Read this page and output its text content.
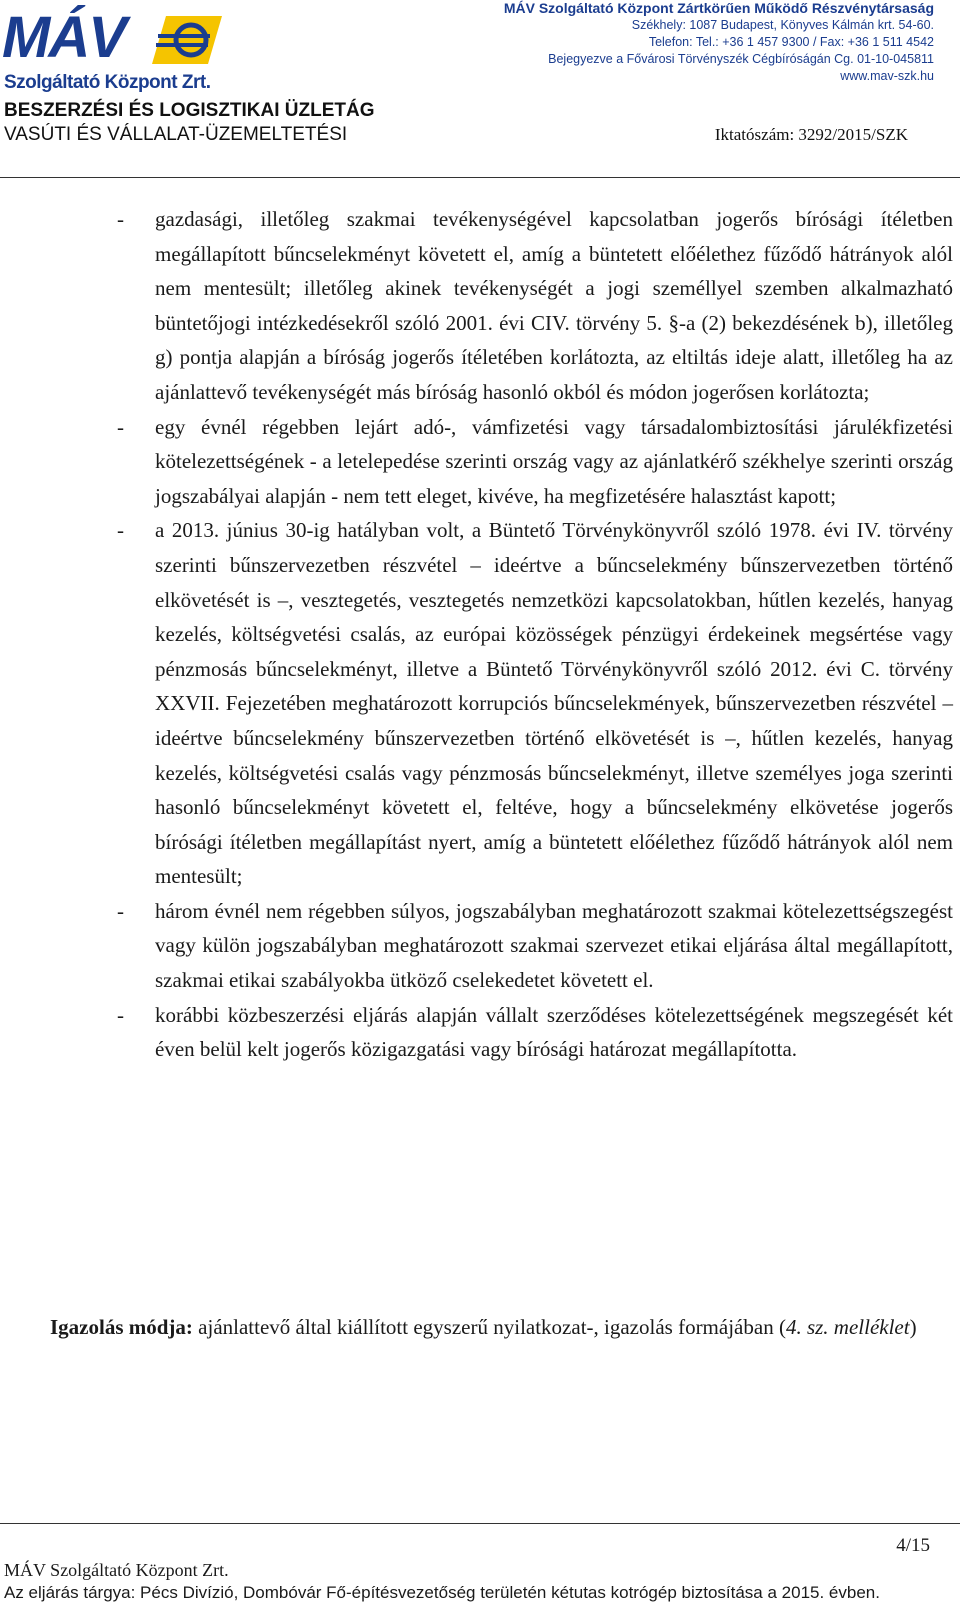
MÁV
Szolgáltató Központ Zrt.
BESZERZÉSI ÉS LOGISZTIKAI ÜZLETÁG
VASÚTI ÉS VÁLLALAT-ÜZEMELTETÉSI
MÁV Szolgáltató Központ Zártkörűen Működő Részvénytársaság
Székhely: 1087 Budapest, Könyves Kálmán krt. 54-60.
Telefon: Tel.: +36 1 457 9300 / Fax: +36 1 511 4542
Bejegyezve a Fővárosi Törvényszék Cégbíróságán Cg. 01-10-045811
www.mav-szk.hu
Iktatószám: 3292/2015/SZK
- gazdasági, illetőleg szakmai tevékenységével kapcsolatban jogerős bírósági ítéletben megállapított bűncselekményt követett el, amíg a büntetett előélethez fűződő hátrányok alól nem mentesült; illetőleg akinek tevékenységét a jogi személlyel szemben alkalmazható büntetőjogi intézkedésekről szóló 2001. évi CIV. törvény 5. §-a (2) bekezdésének b), illetőleg g) pontja alapján a bíróság jogerős ítéletében korlátozta, az eltiltás ideje alatt, illetőleg ha az ajánlattevő tevékenységét más bíróság hasonló okból és módon jogerősen korlátozta;
- egy évnél régebben lejárt adó-, vámfizetési vagy társadalombiztosítási járulékfizetési kötelezettségének - a letelepedése szerinti ország vagy az ajánlatkérő székhelye szerinti ország jogszabályai alapján - nem tett eleget, kivéve, ha megfizetésére halasztást kapott;
- a 2013. június 30-ig hatályban volt, a Büntető Törvénykönyvről szóló 1978. évi IV. törvény szerinti bűnszervezetben részvétel – ideértve a bűncselekmény bűnszervezetben történő elkövetését is –, vesztegetés, vesztegetés nemzetközi kapcsolatokban, hűtlen kezelés, hanyag kezelés, költségvetési csalás, az európai közösségek pénzügyi érdekeinek megsértése vagy pénzmosás bűncselekményt, illetve a Büntető Törvénykönyvről szóló 2012. évi C. törvény XXVII. Fejezetében meghatározott korrupciós bűncselekmények, bűnszervezetben részvétel – ideértve bűncselekmény bűnszervezetben történő elkövetését is –, hűtlen kezelés, hanyag kezelés, költségvetési csalás vagy pénzmosás bűncselekményt, illetve személyes joga szerinti hasonló bűncselekményt követett el, feltéve, hogy a bűncselekmény elkövetése jogerős bírósági ítéletben megállapítást nyert, amíg a büntetett előélethez fűződő hátrányok alól nem mentesült;
- három évnél nem régebben súlyos, jogszabályban meghatározott szakmai kötelezettségszegést vagy külön jogszabályban meghatározott szakmai szervezet etikai eljárása által megállapított, szakmai etikai szabályokba ütköző cselekedetet követett el.
- korábbi közbeszerzési eljárás alapján vállalt szerződéses kötelezettségének megszegését két éven belül kelt jogerős közigazgatási vagy bírósági határozat megállapította.
Igazolás módja: ajánlattevő által kiállított egyszerű nyilatkozat-, igazolás formájában (4. sz. melléklet)
4/15
MÁV Szolgáltató Központ Zrt.
Az eljárás tárgya: Pécs Divízió, Dombóvár Fő-építésvezetőség területén kétutas kotrógép biztosítása a 2015. évben.
